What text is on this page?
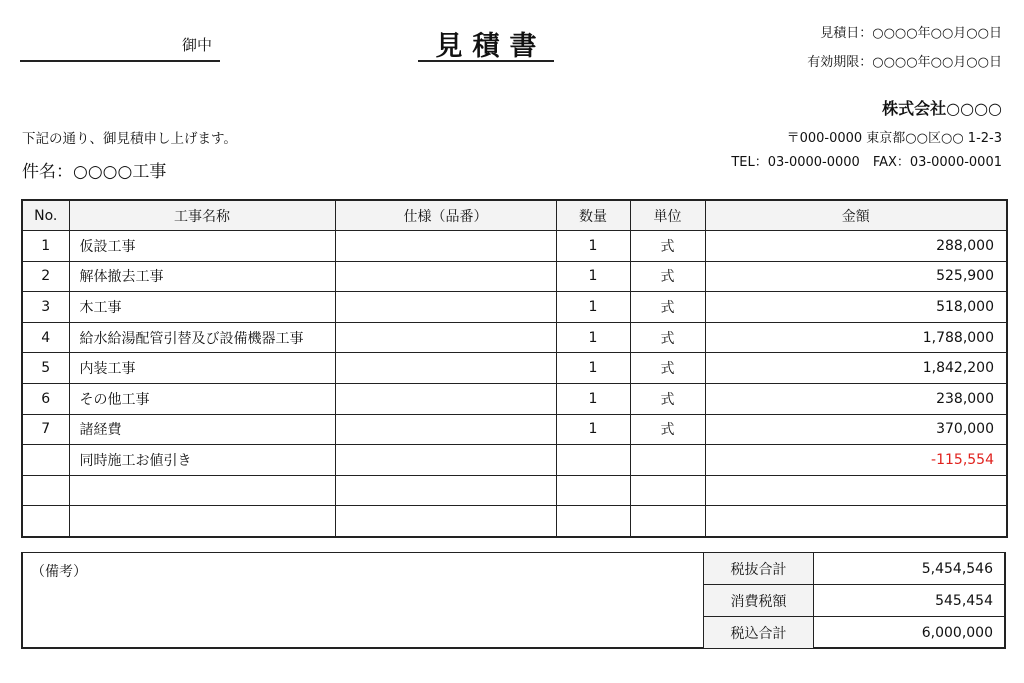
御中	見積書	見積日：○○○○年○○月○○日
有効期限：○○○○年○○月○○日
株式会社○○○○
〒000-0000 東京都○○区○○ 1-2-3
TEL：03-0000-0000　FAX：03-0000-0001
下記の通り、御見積申し上げます。
件名：○○○○工事
No.	工事名称	仕様（品番）	数量	単位	金額
1	仮設工事		1	式	288,000
2	解体撤去工事		1	式	525,900
3	木工事		1	式	518,000
4	給水給湯配管引替及び設備機器工事		1	式	1,788,000
5	内装工事		1	式	1,842,200
6	その他工事		1	式	238,000
7	諸経費		1	式	370,000
	同時施工お値引き				-115,554

（備考）	税抜合計	5,454,546
消費税額	545,454
税込合計	6,000,000
